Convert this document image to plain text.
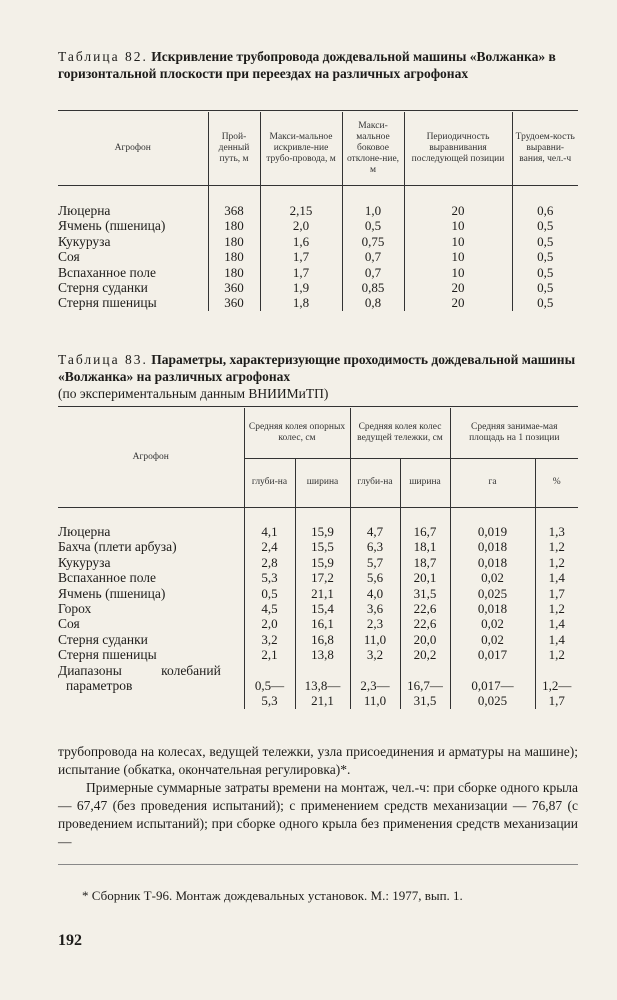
Таблица 82. Искривление трубопровода дождевальной машины «Волжанка» в горизонтальной плоскости при переездах на различных агрофонах
Агрофон	Прой-денный путь, м	Макси-мальное искривле-ние трубо-провода, м	Макси-мальное боковое отклоне-ние, м	Периодичность выравнивания последующей позиции	Трудоем-кость выравни-вания, чел.-ч

Люцерна	368	2,15	1,0	20	0,6
Ячмень (пшеница)	180	2,0	0,5	10	0,5
Кукуруза	180	1,6	0,75	10	0,5
Соя	180	1,7	0,7	10	0,5
Вспаханное поле	180	1,7	0,7	10	0,5
Стерня суданки	360	1,9	0,85	20	0,5
Стерня пшеницы	360	1,8	0,8	20	0,5
Таблица 83. Параметры, характеризующие проходимость дождевальной машины «Волжанка» на различных агрофонах
(по экспериментальным данным ВНИИМиТП)
Агрофон	Средняя колея опорных колес, см		Средняя колея колес ведущей тележки, см		Средняя занимае-мая площадь на 1 позиции	
	глуби-на	ширина	глуби-на	ширина	га	%

Люцерна	4,1	15,9	4,7	16,7	0,019	1,3
Бахча (плети арбуза)	2,4	15,5	6,3	18,1	0,018	1,2
Кукуруза	2,8	15,9	5,7	18,7	0,018	1,2
Вспаханное поле	5,3	17,2	5,6	20,1	0,02	1,4
Ячмень (пшеница)	0,5	21,1	4,0	31,5	0,025	1,7
Горох	4,5	15,4	3,6	22,6	0,018	1,2
Соя	2,0	16,1	2,3	22,6	0,02	1,4
Стерня суданки	3,2	16,8	11,0	20,0	0,02	1,4
Стерня пшеницы	2,1	13,8	3,2	20,2	0,017	1,2
Диапазоны колебаний						
параметров	0,5—	13,8—	2,3—	16,7—	0,017—	1,2—
	5,3	21,1	11,0	31,5	0,025	1,7

трубопровода на колесах, ведущей тележки, узла присоединения и арматуры на машине); испытание (обкатка, окончательная регулировка)*.

Примерные суммарные затраты времени на монтаж, чел.-ч: при сборке одного крыла — 67,47 (без проведения испытаний); с применением средств механизации — 76,87 (с проведением испытаний); при сборке одного крыла без применения средств механизации —

* Сборник Т-96. Монтаж дождевальных установок. М.: 1977, вып. 1.

192
